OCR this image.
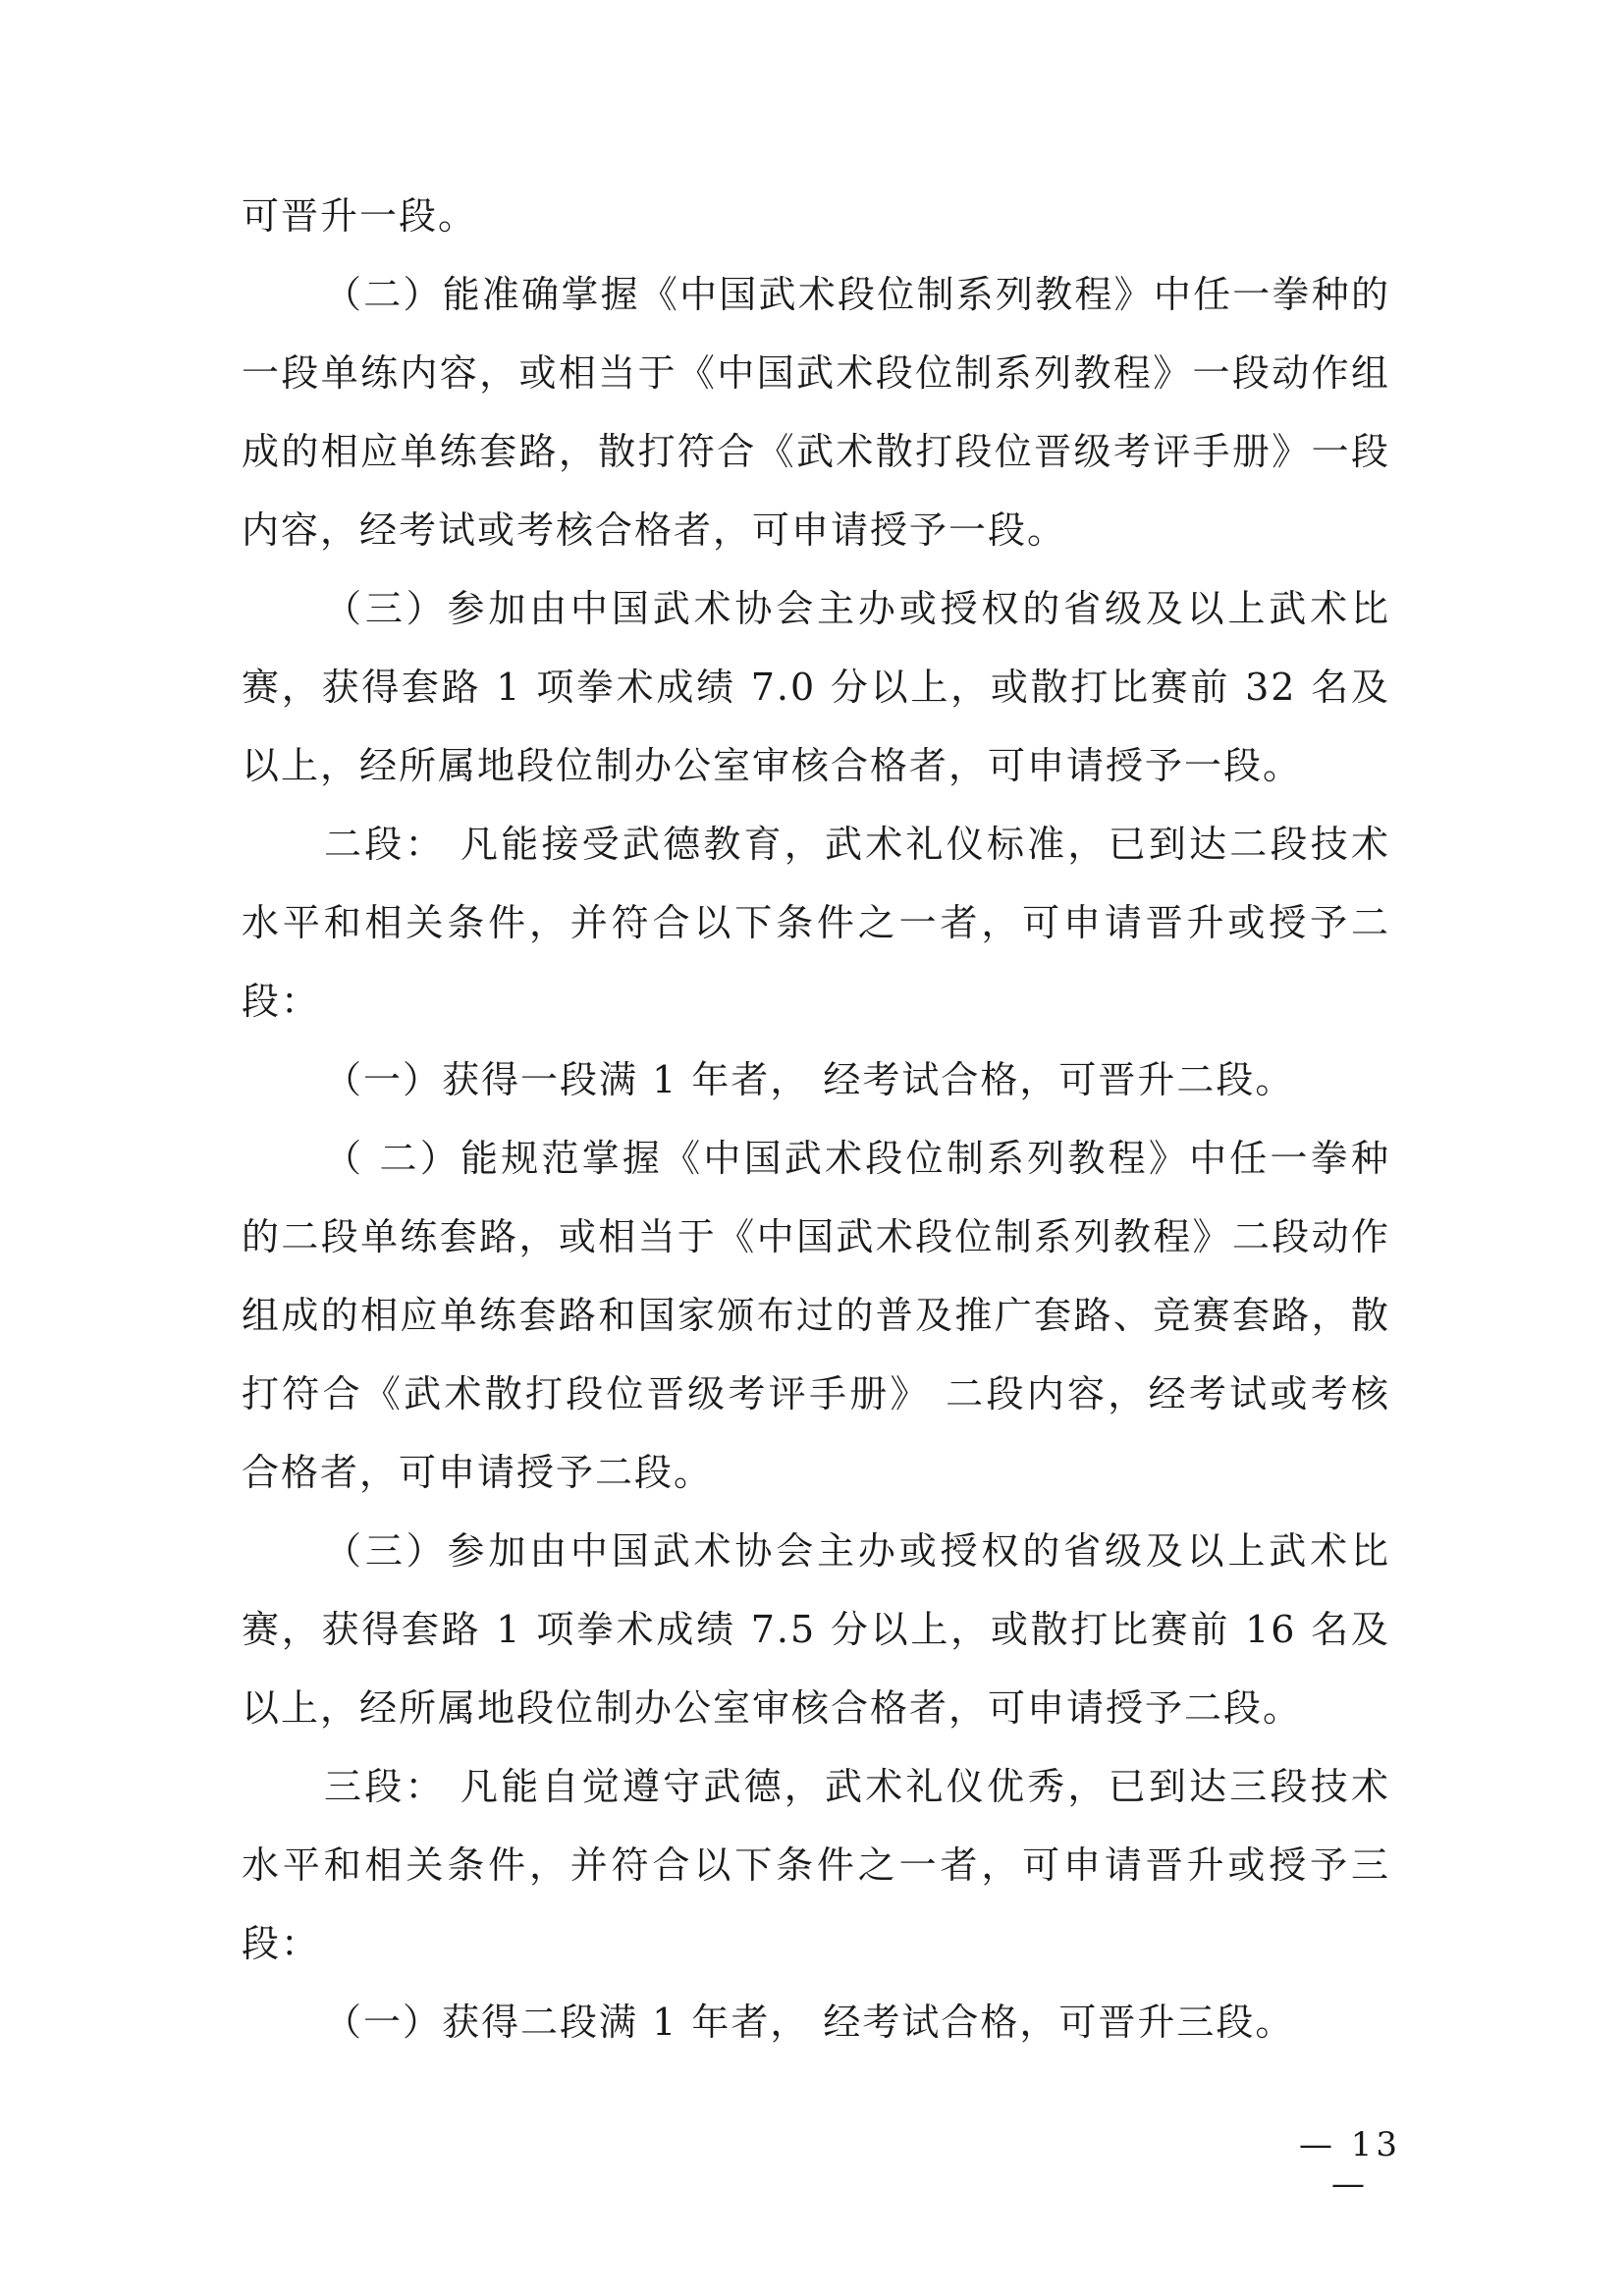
可晋升一段。

（二）能准确掌握《中国武术段位制系列教程》中任一拳种的一段单练内容，或相当于《中国武术段位制系列教程》一段动作组成的相应单练套路，散打符合《武术散打段位晋级考评手册》一段内容，经考试或考核合格者，可申请授予一段。

（三）参加由中国武术协会主办或授权的省级及以上武术比赛，获得套路 1 项拳术成绩 7.0 分以上，或散打比赛前 32 名及以上，经所属地段位制办公室审核合格者，可申请授予一段。

二段： 凡能接受武德教育，武术礼仪标准，已到达二段技术水平和相关条件，并符合以下条件之一者，可申请晋升或授予二段：

（一）获得一段满 1 年者， 经考试合格，可晋升二段。

（ 二）能规范掌握《中国武术段位制系列教程》中任一拳种的二段单练套路，或相当于《中国武术段位制系列教程》二段动作组成的相应单练套路和国家颁布过的普及推广套路、竞赛套路，散打符合《武术散打段位晋级考评手册》 二段内容，经考试或考核合格者，可申请授予二段。

（三）参加由中国武术协会主办或授权的省级及以上武术比赛，获得套路 1 项拳术成绩 7.5 分以上，或散打比赛前 16 名及以上，经所属地段位制办公室审核合格者，可申请授予二段。

三段： 凡能自觉遵守武德，武术礼仪优秀，已到达三段技术水平和相关条件，并符合以下条件之一者，可申请晋升或授予三段：

（一）获得二段满 1 年者， 经考试合格，可晋升三段。

— 13 —
